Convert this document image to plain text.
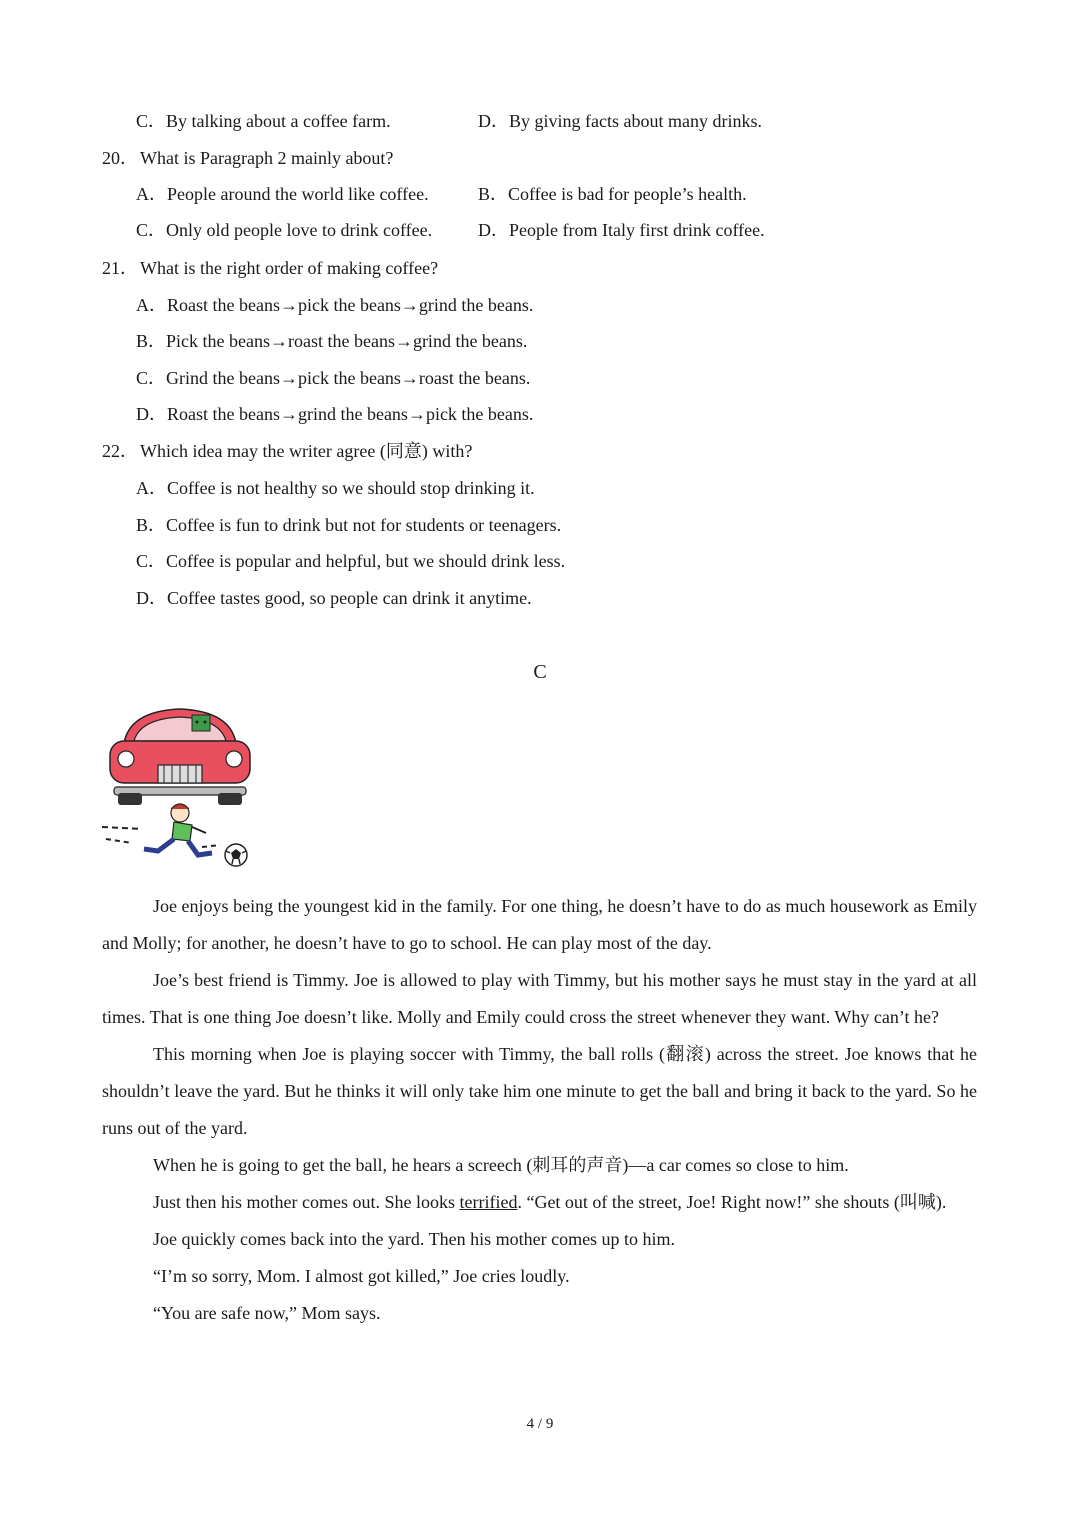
C．By talking about a coffee farm.	D．By giving facts about many drinks.
20． What is Paragraph 2 mainly about?
A．People around the world like coffee.	B．Coffee is bad for people’s health.
C．Only old people love to drink coffee.	D．People from Italy first drink coffee.
21． What is the right order of making coffee?
A．Roast the beans→pick the beans→grind the beans.
B．Pick the beans→roast the beans→grind the beans.
C．Grind the beans→pick the beans→roast the beans.
D．Roast the beans→grind the beans→pick the beans.
22． Which idea may the writer agree (同意) with?
A．Coffee is not healthy so we should stop drinking it.
B．Coffee is fun to drink but not for students or teenagers.
C．Coffee is popular and helpful, but we should drink less.
D．Coffee tastes good, so people can drink it anytime.
C

Joe enjoys being the youngest kid in the family. For one thing, he doesn’t have to do as much housework as Emily and Molly; for another, he doesn’t have to go to school. He can play most of the day.

Joe’s best friend is Timmy. Joe is allowed to play with Timmy, but his mother says he must stay in the yard at all times. That is one thing Joe doesn’t like. Molly and Emily could cross the street whenever they want. Why can’t he?

This morning when Joe is playing soccer with Timmy, the ball rolls (翻滚) across the street. Joe knows that he shouldn’t leave the yard. But he thinks it will only take him one minute to get the ball and bring it back to the yard. So he runs out of the yard.

When he is going to get the ball, he hears a screech (刺耳的声音)—a car comes so close to him.

Just then his mother comes out. She looks terrified. “Get out of the street, Joe! Right now!” she shouts (叫喊).

Joe quickly comes back into the yard. Then his mother comes up to him.

“I’m so sorry, Mom. I almost got killed,” Joe cries loudly.

“You are safe now,” Mom says.

4 / 9
